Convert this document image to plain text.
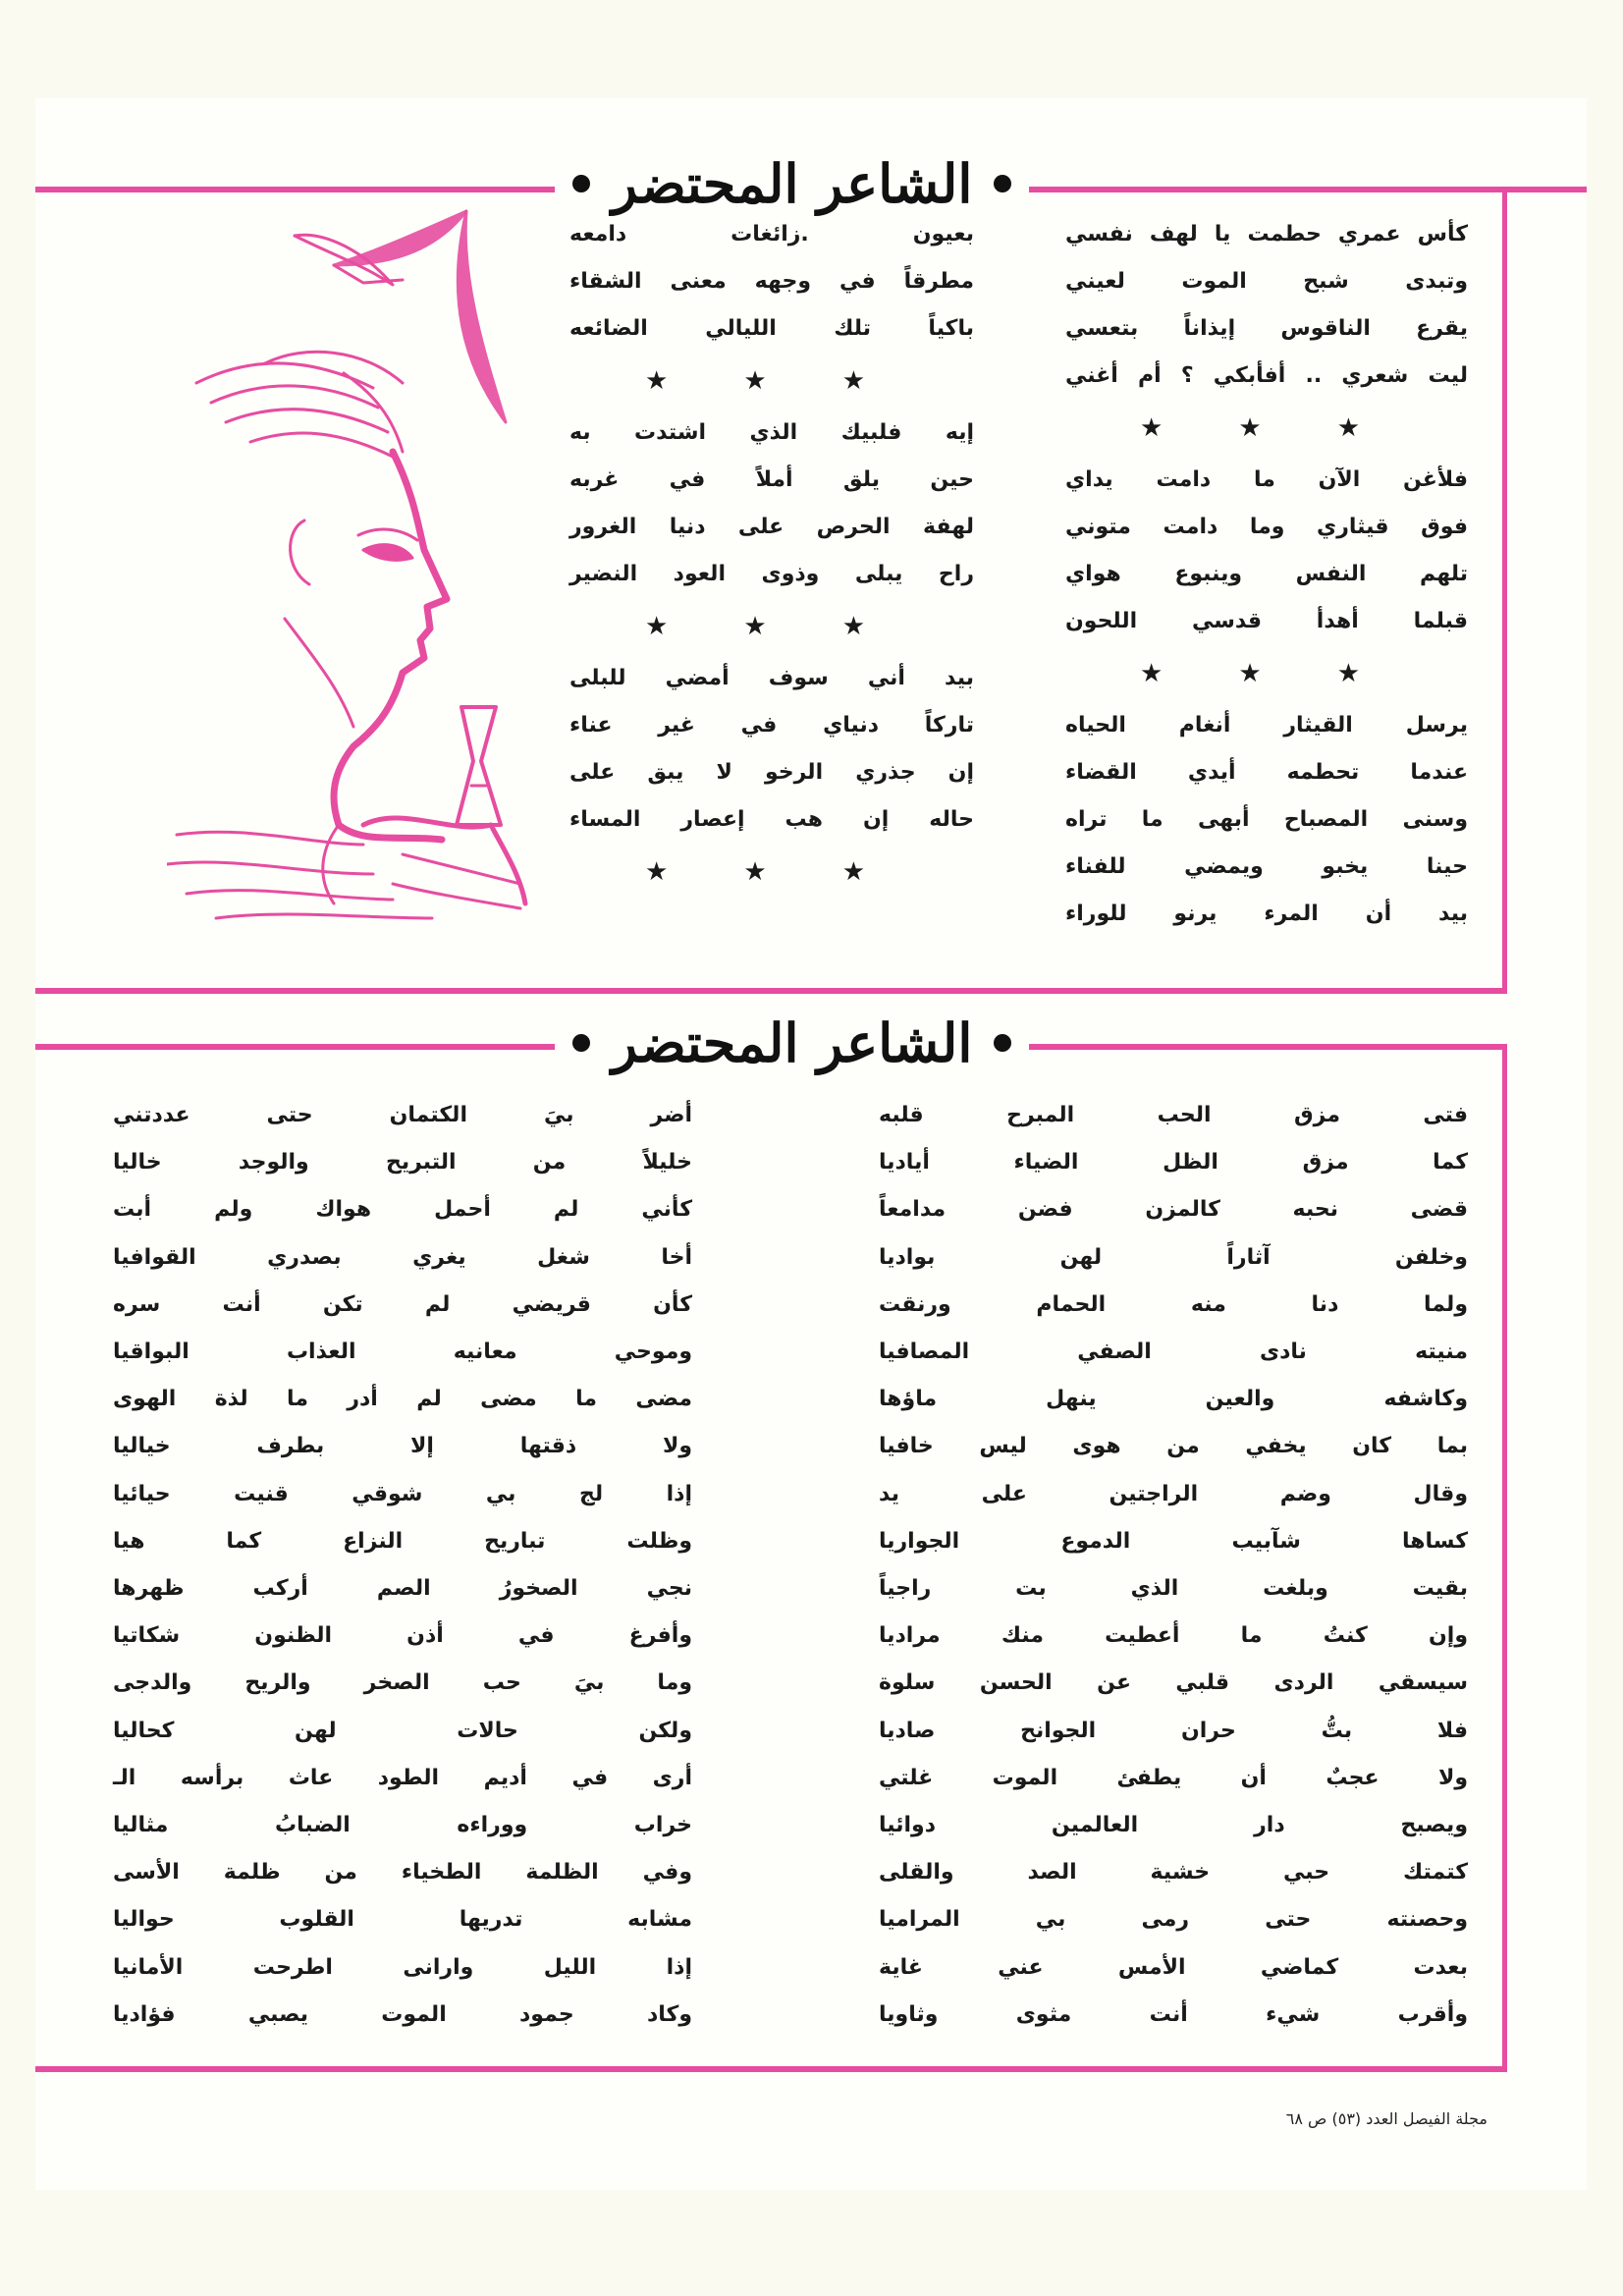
الشاعر المحتضر
كأس عمري حطمت يا لهف نفسي
وتبدى شبح الموت لعيني
يقرع الناقوس إيذاناً بتعسي
ليت شعري .. أفأبكي ؟ أم أغني
★ ★ ★
فلأغن الآن ما دامت يداي
فوق قيثاري وما دامت متوني
تلهم النفس وينبوع هواي
قبلما أهدأ قدسي اللحون
★ ★ ★
يرسل القيثار أنغام الحياه
عندما تحطمه أيدي القضاء
وسنى المصباح أبهى ما تراه
حينا يخبو ويمضي للفناء
بيد أن المرء يرنو للوراء
بعيون .زائغات دامعه
مطرقاً في وجهه معنى الشقاء
باكياً تلك الليالي الضائعه
★ ★ ★
إيه فلبيك الذي اشتدت به
حين يلق أملاً في غربه
لهفة الحرص على دنيا الغرور
راح يبلى وذوى العود النضير
★ ★ ★
بيد أني سوف أمضي للبلى
تاركاً دنياي في غير عناء
إن جذري الرخو لا يبق على
حاله إن هب إعصار المساء
★ ★ ★
الشاعر المحتضر
فتى مزق الحب المبرح قلبه
كما مزق الظل الضياء أياديا
قضى نحبه كالمزن فضن مدامعاً
وخلفن آثاراً لهن بواديا
ولما دنا منه الحمام ورنقت
منيته نادى الصفي المصافيا
وكاشفه والعين ينهل ماؤها
بما كان يخفي من هوى ليس خافيا
وقال وضم الراجتين على يد
كساها شآبيب الدموع الجواريا
بقيت وبلغت الذي بت راجياً
وإن كنتُ ما أعطيت منك مراديا
سيسقي الردى قلبي عن الحسن سلوة
فلا بتُّ حران الجوانح صاديا
ولا عجبٌ أن يطفئ الموت غلتي
ويصبح دار العالمين دوائيا
كتمتك حبي خشية الصد والقلى
وحصنته حتى رمى بي المراميا
بعدت كماضي الأمس عني غاية
وأقرب شيء أنت مثوى وثاويا
أضر بيَ الكتمان حتى عددتني
خليلاً من التبريح والوجد خاليا
كأني لم أحمل هواك ولم أبت
أخا شغل يغري بصدري القوافيا
كأن قريضي لم تكن أنت سره
وموحي معانيه العذاب البواقيا
مضى ما مضى لم أدر ما لذة الهوى
ولا ذقتها إلا بطرف خياليا
إذا لج بي شوقي قنيت حيائيا
وظلت تباريح النزاع كما هيا
نجي الصخورُ الصم أركب ظهرها
وأفرغ في أذن الظنون شكاتيا
وما بيَ حب الصخر والريح والدجى
ولكن حالات لهن كحاليا
أرى في أديم الطود عاث برأسه الـ
خراب ووراءه الضبابُ مثاليا
وفي الظلمة الطخياء من ظلمة الأسى
مشابه تدريها القلوب حواليا
إذا الليل وارانى اطرحت الأمانيا
وكاد جمود الموت يصبي فؤاديا
مجلة الفيصل العدد (٥٣) ص ٦٨
